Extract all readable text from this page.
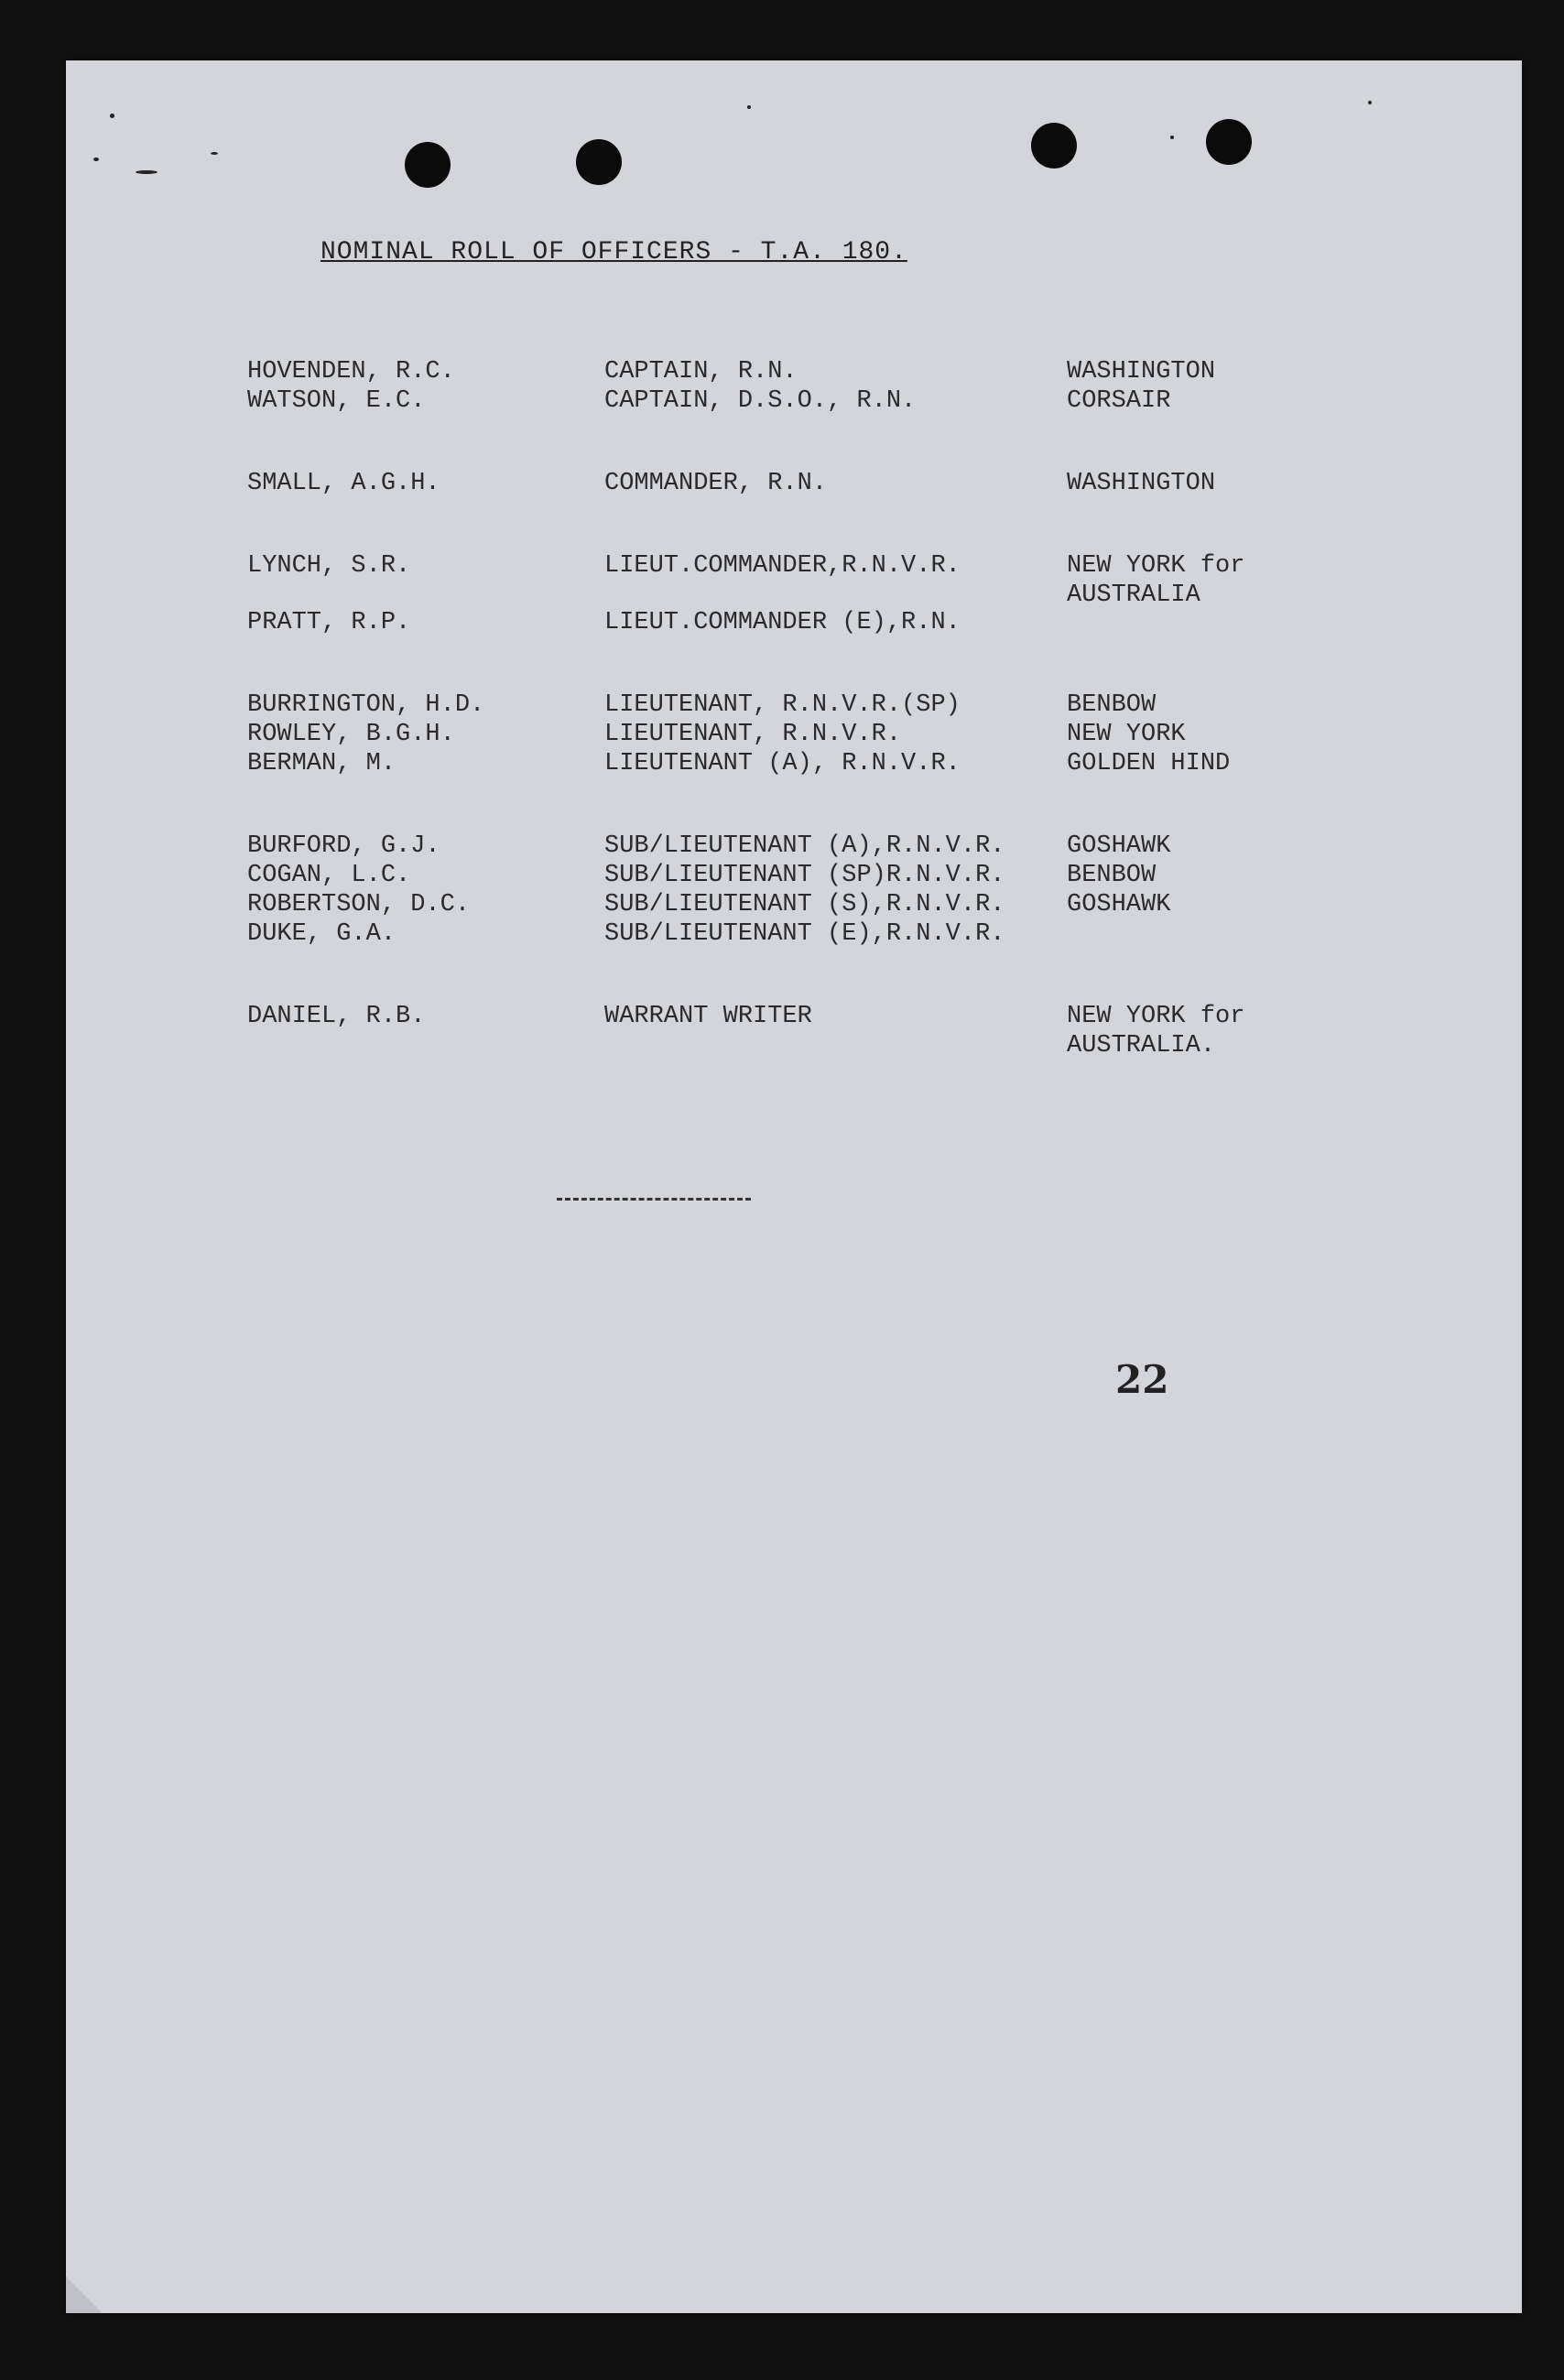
NOMINAL ROLL OF OFFICERS - T.A. 180.
HOVENDEN, R.C.	CAPTAIN, R.N.	WASHINGTON
WATSON, E.C.	CAPTAIN, D.S.O., R.N.	CORSAIR
SMALL, A.G.H.	COMMANDER, R.N.	WASHINGTON
LYNCH, S.R.	LIEUT.COMMANDER,R.N.V.R.	NEW YORK for
AUSTRALIA
PRATT, R.P.	LIEUT.COMMANDER (E),R.N.
BURRINGTON, H.D.	LIEUTENANT, R.N.V.R.(SP)	BENBOW
ROWLEY, B.G.H.	LIEUTENANT, R.N.V.R.	NEW YORK
BERMAN, M.	LIEUTENANT (A), R.N.V.R.	GOLDEN HIND
BURFORD, G.J.	SUB/LIEUTENANT (A),R.N.V.R.	GOSHAWK
COGAN, L.C.	SUB/LIEUTENANT (SP)R.N.V.R.	BENBOW
ROBERTSON, D.C.	SUB/LIEUTENANT (S),R.N.V.R.	GOSHAWK
DUKE, G.A.	SUB/LIEUTENANT (E),R.N.V.R.
DANIEL, R.B.	WARRANT WRITER	NEW YORK for
AUSTRALIA.
22
